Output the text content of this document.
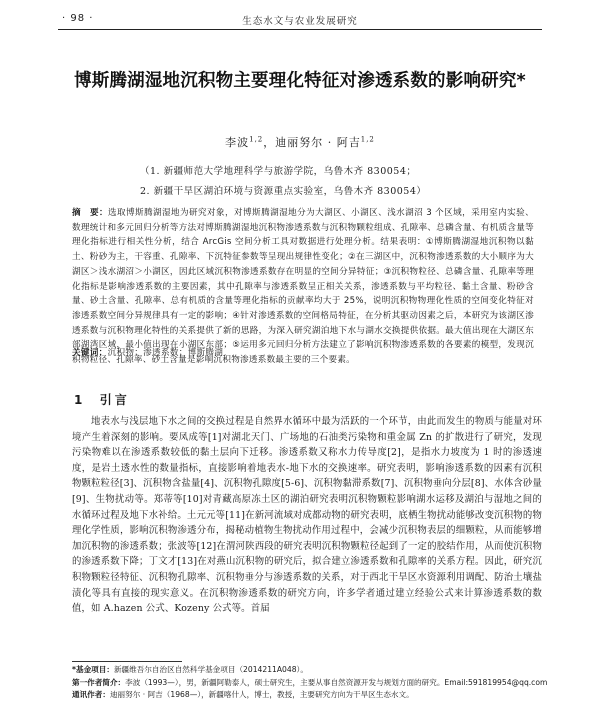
· 98 ·	生态水文与农业发展研究
博斯腾湖湿地沉积物主要理化特征对渗透系数的影响研究*
李波$^{1,2}$，迪丽努尔 · 阿吉$^{1,2}$
（1. 新疆师范大学地理科学与旅游学院，乌鲁木齐 830054；
2. 新疆干旱区湖泊环境与资源重点实验室，乌鲁木齐 830054）

摘　要：选取博斯腾湖湿地为研究对象，对博斯腾湖湿地分为大湖区、小湖区、浅水湖沼 3 个区域，采用室内实验、数理统计和多元回归分析等方法对博斯腾湖湿地沉积物渗透系数与沉积物颗粒组成、孔隙率、总磷含量、有机质含量等理化指标进行相关性分析，结合 ArcGis 空间分析工具对数据进行处理分析。结果表明：①博斯腾湖湿地沉积物以黏土、粉砂为主，干容重、孔隙率、下沉特征参数等呈现出规律性变化；②在三湖区中，沉积物渗透系数的大小顺序为大湖区＞浅水湖沼＞小湖区，因此区域沉积物渗透系数存在明显的空间分异特征；③沉积物粒径、总磷含量、孔隙率等理化指标是影响渗透系数的主要因素，其中孔隙率与渗透系数呈正相关关系，渗透系数与平均粒径、黏土含量、粉砂含量、砂土含量、孔隙率、总有机质的含量等理化指标的贡献率均大于 25%，说明沉积物物理化性质的空间变化特征对渗透系数空间分异规律具有一定的影响；④针对渗透系数的空间格局特征，在分析其驱动因素之后，本研究为该湖区渗透系数与沉积物理化特性的关系提供了新的思路，为深入研究湖泊地下水与湖水交换提供依据。最大值出现在大湖区东部湖湾区域，最小值出现在小湖区东部；⑤运用多元回归分析方法建立了影响沉积物渗透系数的各要素的模型，发现沉积物粒径、孔隙率、砂土含量是影响沉积物渗透系数最主要的三个要素。

关键词：沉积物；渗透系数；博斯腾湖

1 引言

地表水与浅层地下水之间的交换过程是自然界水循环中最为活跃的一个环节，由此而发生的物质与能量对环境产生着深刻的影响。要凤成等[1]对湖北天门、广场地的石油类污染物和重金属 Zn 的扩散进行了研究，发现污染物难以在渗透系数较低的黏土层向下迁移。渗透系数又称水力传导度[2]，是指水力坡度为 1 时的渗透速度，是岩土透水性的数量指标，直接影响着地表水-地下水的交换速率。研究表明，影响渗透系数的因素有沉积物颗粒粒径[3]、沉积物含盐量[4]、沉积物孔隙度[5-6]、沉积物黏滞系数[7]、沉积物垂向分层[8]、水体含砂量[9]、生物扰动等。郑蒂等[10]对青藏高原冻土区的湖泊研究表明沉积物颗粒影响湖水运移及湖泊与湿地之间的水循环过程及地下水补给。土元元等[11]在新河流域对成都动物的研究表明，底栖生物扰动能够改变沉积物的物理化学性质，影响沉积物渗透分布，揭秘动植物生物扰动作用过程中，会减少沉积物表层的细颗粒，从而能够增加沉积物的渗透系数；张波等[12]在渭河陕西段的研究表明沉积物颗粒径起到了一定的胶结作用，从而使沉积物的渗透系数下降；丁文才[13]在对燕山沉积物的研究后，拟合建立渗透系数和孔隙率的关系方程。因此，研究沉积物颗粒径特征、沉积物孔隙率、沉积物垂分与渗透系数的关系，对于西北干旱区水资源利用调配、防治土壤盐渍化等具有直接的现实意义。在沉积物渗透系数的研究方向，许多学者通过建立经验公式来计算渗透系数的数值，如 A.hazen 公式、Kozeny 公式等。首届

*基金项目：新疆维吾尔自治区自然科学基金项目（2014211A048）。
第一作者简介：李波（1993—），男，新疆阿勒泰人，硕士研究生，主要从事自然资源开发与规划方面的研究。Email:591819954@qq.com
通讯作者：迪丽努尔 · 阿吉（1968—），新疆喀什人，博士，教授，主要研究方向为干旱区生态水文。
